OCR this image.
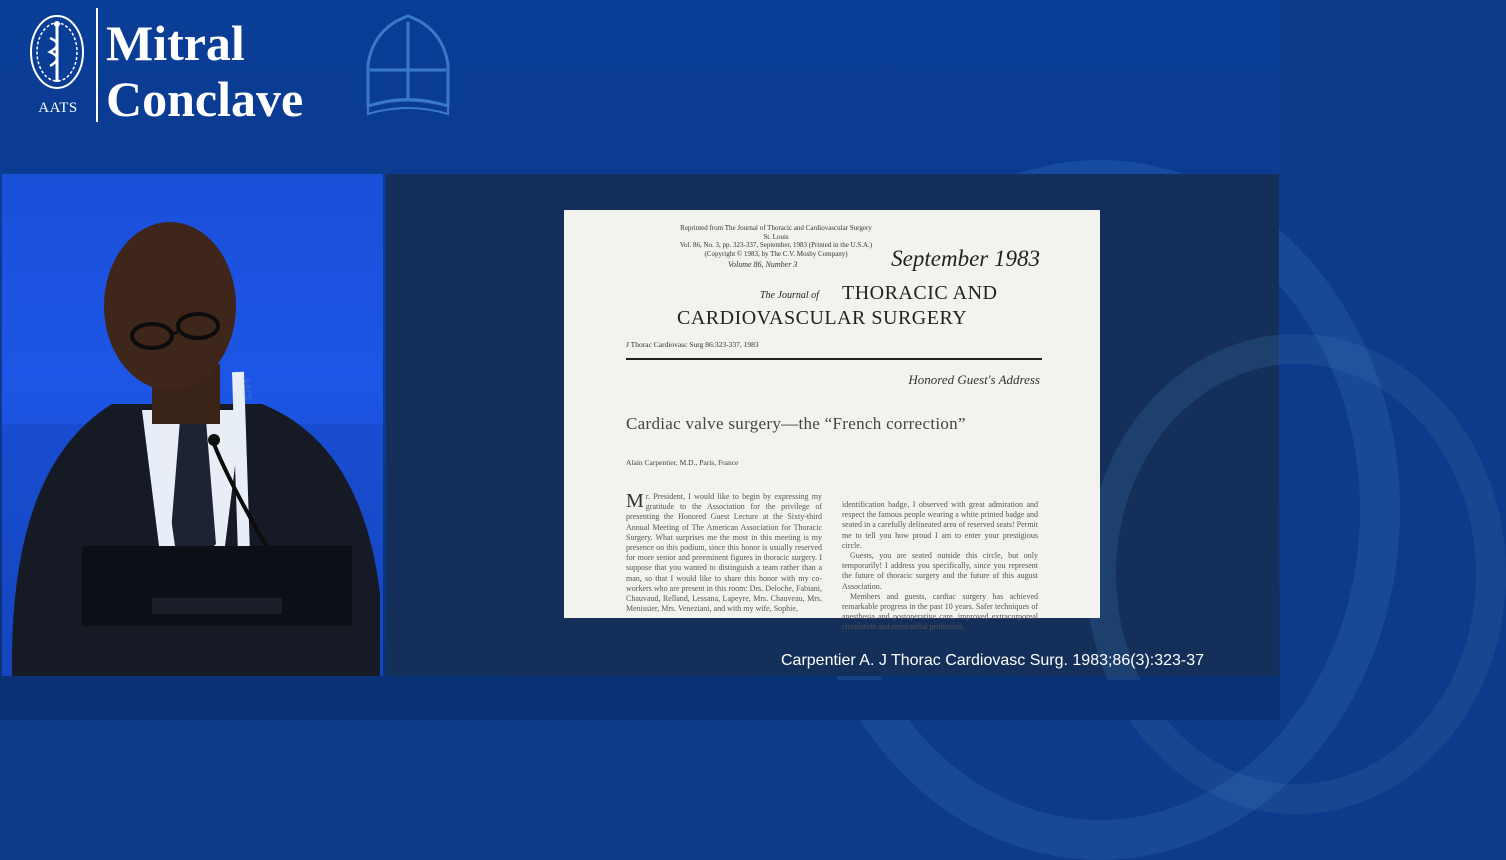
AATS
Mitral
Conclave
AATS
Reprinted from The Journal of Thoracic and Cardiovascular Surgery
St. Louis
Vol. 86, No. 3, pp. 323-337, September, 1983 (Printed in the U.S.A.)
(Copyright © 1983, by The C.V. Mosby Company)
Volume 86, Number 3	September 1983
The Journal of THORACIC AND
CARDIOVASCULAR SURGERY
J Thorac Cardiovasc Surg 86:323-337, 1983
Honored Guest's Address
Cardiac valve surgery—the “French correction”
Alain Carpentier, M.D., Paris, France
M r. President, I would like to begin by expressing my gratitude to the Association for the privilege of presenting the Honored Guest Lecture at the Sixty-third Annual Meeting of The American Association for Thoracic Surgery. What surprises me the most in this meeting is my presence on this podium, since this honor is usually reserved for more senior and preeminent figures in thoracic surgery. I suppose that you wanted to distinguish a team rather than a man, so that I would like to share this honor with my co-workers who are present in this room: Drs. Deloche, Fabiani, Chauvaud, Relland, Lessana, Lapeyre, Mrs. Chauveau, Mrs. Menissier, Mrs. Veneziani, and with my wife, Sophie,
identification badge, I observed with great admiration and respect the famous people wearing a white printed badge and seated in a carefully delineated area of reserved seats! Permit me to tell you how proud I am to enter your prestigious circle.
Guests, you are seated outside this circle, but only temporarily! I address you specifically, since you represent the future of thoracic surgery and the future of this august Association.
Members and guests, cardiac surgery has achieved remarkable progress in the past 10 years. Safer techniques of anesthesia and postoperative care, improved extracorporeal circulation and myocardial protection,
Carpentier A. J Thorac Cardiovasc Surg. 1983;86(3):323-37
